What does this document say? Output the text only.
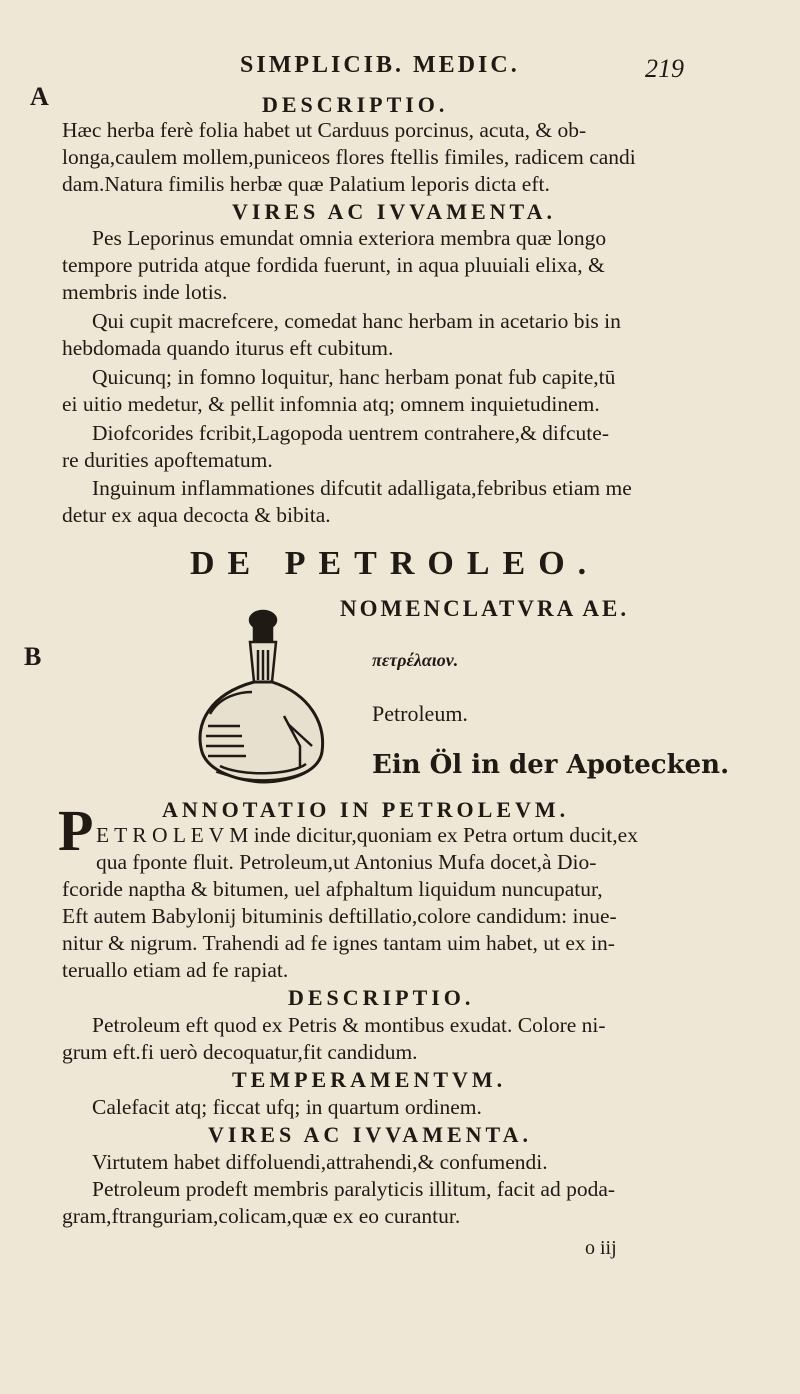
SIMPLICIB. MEDIC.	219
A
B
DESCRIPTIO.
Hæc herba ferè folia habet ut Carduus porcinus, acuta, & ob-
longa,caulem mollem,puniceos flores ftellis fimiles, radicem candi
dam.Natura fimilis herbæ quæ Palatium leporis dicta eft.
VIRES AC IVVAMENTA.
Pes Leporinus emundat omnia exteriora membra quæ longo
tempore putrida atque fordida fuerunt, in aqua pluuiali elixa, &
membris inde lotis.
Qui cupit macrefcere, comedat hanc herbam in acetario bis in
hebdomada quando iturus eft cubitum.
Quicunq; in fomno loquitur, hanc herbam ponat fub capite,tū
ei uitio medetur, & pellit infomnia atq; omnem inquietudinem.
Diofcorides fcribit,Lagopoda uentrem contrahere,& difcute-
re durities apoftematum.
Inguinum inflammationes difcutit adalligata,febribus etiam me
detur ex aqua decocta & bibita.
DE PETROLEO.
NOMENCLATVRA AE.
πετρέλαιον.
Petroleum.
Ein Öl in der Apotecken.
ANNOTATIO IN PETROLEVM.
P E T R O L E V M inde dicitur,quoniam ex Petra ortum ducit,ex
qua fponte fluit. Petroleum,ut Antonius Mufa docet,à Dio-
fcoride naptha & bitumen, uel afphaltum liquidum nuncupatur,
Eft autem Babylonij bituminis deftillatio,colore candidum: inue-
nitur & nigrum. Trahendi ad fe ignes tantam uim habet, ut ex in-
teruallo etiam ad fe rapiat.
DESCRIPTIO.
Petroleum eft quod ex Petris & montibus exudat. Colore ni-
grum eft.fi uerò decoquatur,fit candidum.
TEMPERAMENTVM.
Calefacit atq; ficcat ufq; in quartum ordinem.
VIRES AC IVVAMENTA.
Virtutem habet diffoluendi,attrahendi,& confumendi.
Petroleum prodeft membris paralyticis illitum, facit ad poda-
gram,ftranguriam,colicam,quæ ex eo curantur.
o iij
